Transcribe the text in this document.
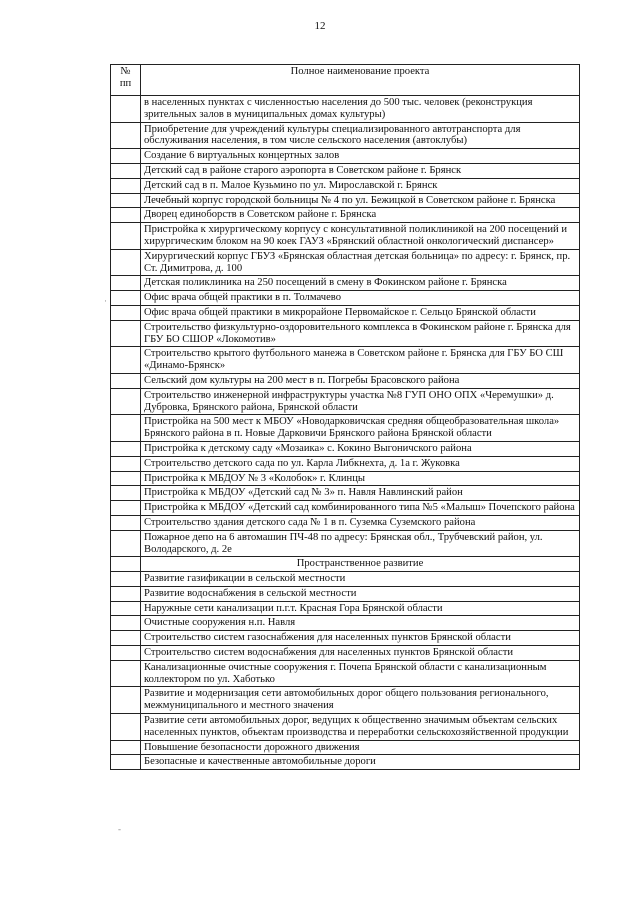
12
·
-
№
пп	Полное наименование проекта
	в населенных пунктах с численностью населения до 500 тыс. человек (реконструкция зрительных залов в муниципальных домах культуры)
	Приобретение для учреждений культуры специализированного автотранспорта для обслуживания населения, в том числе сельского населения (автоклубы)
	Создание 6 виртуальных концертных залов
	Детский сад в районе старого аэропорта в Советском районе г. Брянск
	Детский сад в п. Малое Кузьмино по ул. Мирославской г. Брянск
	Лечебный корпус городской больницы № 4 по ул. Бежицкой в Советском районе г. Брянска
	Дворец единоборств в Советском районе г. Брянска
	Пристройка к хирургическому корпусу с консультативной поликлиникой на 200 посещений и хирургическим блоком на 90 коек ГАУЗ «Брянский областной онкологический диспансер»
	Хирургический корпус ГБУЗ «Брянская областная детская больница» по адресу: г. Брянск, пр. Ст. Димитрова, д. 100
	Детская поликлиника на 250 посещений в смену в Фокинском районе г. Брянска
	Офис врача общей практики в п. Толмачево
	Офис врача общей практики в микрорайоне Первомайское г. Сельцо Брянской области
	Строительство физкультурно-оздоровительного комплекса в Фокинском районе г. Брянска для ГБУ БО СШОР «Локомотив»
	Строительство крытого футбольного манежа в Советском районе г. Брянска для ГБУ БО СШ «Динамо-Брянск»
	Сельский дом культуры на 200 мест в п. Погребы Брасовского района
	Строительство инженерной инфраструктуры участка №8 ГУП ОНО ОПХ «Черемушки» д. Дубровка, Брянского района, Брянской области
	Пристройка на 500 мест к МБОУ «Новодарковичская средняя общеобразовательная школа» Брянского района в п. Новые Дарковичи Брянского района Брянской области
	Пристройка к детскому саду «Мозаика» с. Кокино Выгоничского района
	Строительство детского сада по ул. Карла Либкнехта, д. 1а г. Жуковка
	Пристройка к МБДОУ № 3 «Колобок» г. Клинцы
	Пристройка к МБДОУ «Детский сад № 3» п. Навля Навлинский район
	Пристройка к МБДОУ «Детский сад комбинированного типа №5 «Малыш» Почепского района
	Строительство здания детского сада № 1 в п. Суземка Суземского района
	Пожарное депо на 6 автомашин ПЧ-48 по адресу: Брянская обл., Трубчевский район, ул. Володарского, д. 2е
	Пространственное развитие
	Развитие газификации в сельской местности
	Развитие водоснабжения в сельской местности
	Наружные сети канализации п.г.т. Красная Гора Брянской области
	Очистные сооружения н.п. Навля
	Строительство систем газоснабжения для населенных пунктов Брянской области
	Строительство систем водоснабжения для населенных пунктов Брянской области
	Канализационные очистные сооружения г. Почепа Брянской области с канализационным коллектором по ул. Хаботько
	Развитие и модернизация сети автомобильных дорог общего пользования регионального, межмуниципального и местного значения
	Развитие сети автомобильных дорог, ведущих к общественно значимым объектам сельских населенных пунктов, объектам производства и переработки сельскохозяйственной продукции
	Повышение безопасности дорожного движения
	Безопасные и качественные автомобильные дороги
